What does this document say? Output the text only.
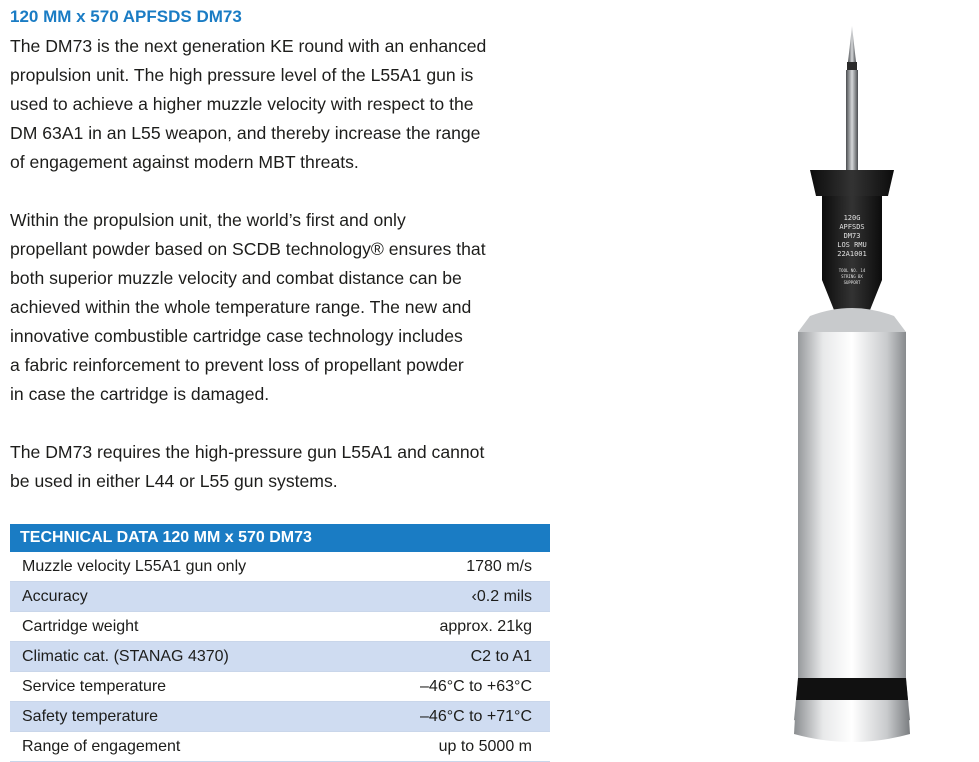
120 MM x 570 APFSDS DM73
The DM73 is the next generation KE round with an enhanced
propulsion unit. The high pressure level of the L55A1 gun is
used to achieve a higher muzzle velocity with respect to the
DM 63A1 in an L55 weapon, and thereby increase the range
of engagement against modern MBT threats.
Within the propulsion unit, the world’s first and only
propellant powder based on SCDB technology® ensures that
both superior muzzle velocity and combat distance can be
achieved within the whole temperature range. The new and
innovative combustible cartridge case technology includes
a fabric reinforcement to prevent loss of propellant powder
in case the cartridge is damaged.
The DM73 requires the high-pressure gun L55A1 and cannot
be used in either L44 or L55 gun systems.
TECHNICAL DATA 120 MM x 570 DM73
Muzzle velocity L55A1 gun only	1780 m/s
Accuracy	‹0.2 mils
Cartridge weight	approx. 21kg
Climatic cat. (STANAG 4370)	C2 to A1
Service temperature	–46°C to +63°C
Safety temperature	–46°C to +71°C
Range of engagement	up to 5000 m
120G
APFSDS
DM73
LOS RMU
22A1001
TOOL NO. 14
STRING BX
SUPPORT
